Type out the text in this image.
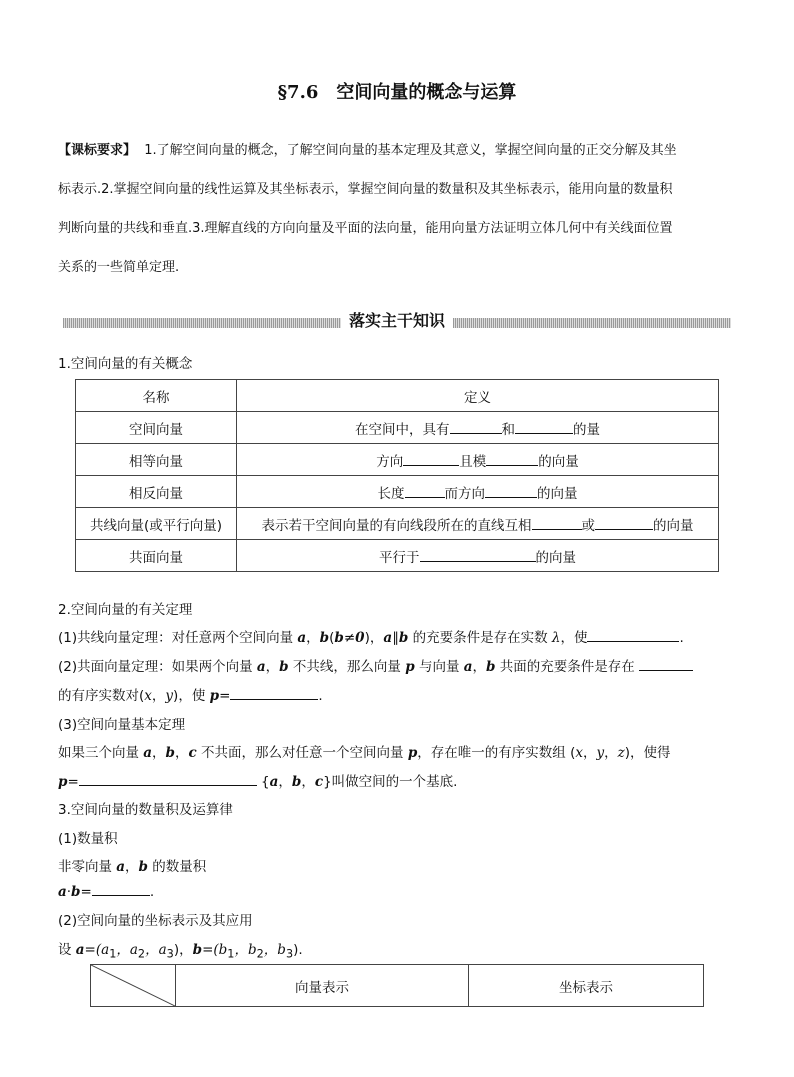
§7.6　空间向量的概念与运算
【课标要求】 1.了解空间向量的概念，了解空间向量的基本定理及其意义，掌握空间向量的正交分解及其坐
标表示.2.掌握空间向量的线性运算及其坐标表示，掌握空间向量的数量积及其坐标表示，能用向量的数量积
判断向量的共线和垂直.3.理解直线的方向向量及平面的法向量，能用向量方法证明立体几何中有关线面位置
关系的一些简单定理.
落实主干知识
1.空间向量的有关概念
名称	定义
空间向量	在空间中，具有 和 的量
相等向量	方向 且模 的向量
相反向量	长度 而方向 的向量
共线向量(或平行向量)	表示若干空间向量的有向线段所在的直线互相 或 的向量
共面向量	平行于 的向量
2.空间向量的有关定理
(1)共线向量定理：对任意两个空间向量 a，b(b≠0)，a∥b 的充要条件是存在实数 λ，使	.
(2)共面向量定理：如果两个向量 a，b 不共线，那么向量 p 与向量 a，b 共面的充要条件是存在
的有序实数对(x，y)，使 p=	.
(3)空间向量基本定理
如果三个向量 a，b，c 不共面，那么对任意一个空间向量 p，存在唯一的有序实数组 (x，y，z)，使得
p=	{a，b，c}叫做空间的一个基底.
3.空间向量的数量积及运算律
(1)数量积
非零向量 a，b 的数量积
a·b=	.
(2)空间向量的坐标表示及其应用
设 $a=(a_1$，$a_2$，$a_3$)，$b=(b_1$，$b_2$，$b_3$).
	向量表示	坐标表示
